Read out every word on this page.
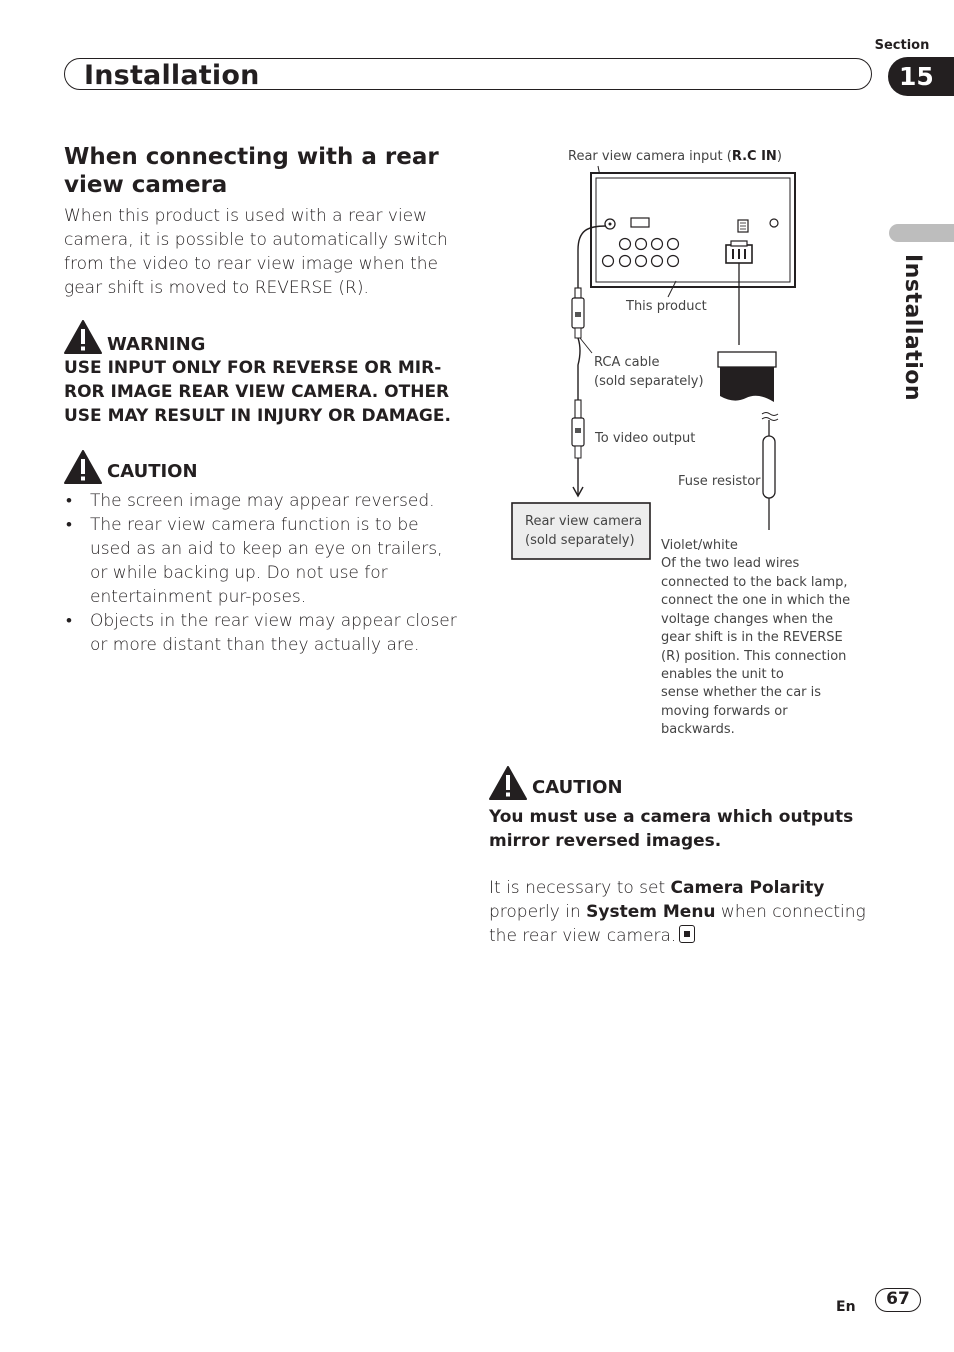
Section
Installation	15
Installation
When connecting with a rear view camera
When this product is used with a rear view camera, it is possible to automatically switch from the video to rear view image when the gear shift is moved to REVERSE (R).
WARNING
USE INPUT ONLY FOR REVERSE OR MIR-ROR IMAGE REAR VIEW CAMERA. OTHER USE MAY RESULT IN INJURY OR DAMAGE.
CAUTION
• The screen image may appear reversed.
• The rear view camera function is to be used as an aid to keep an eye on trailers, or while backing up. Do not use for entertainment pur-poses.
• Objects in the rear view may appear closer or more distant than they actually are.
Rear view camera input (R.C IN)
This product
RCA cable
(sold separately)
To video output
Rear view camera
(sold separately)
Fuse resistor
Violet/white
Of the two lead wires
connected to the back lamp,
connect the one in which the
voltage changes when the
gear shift is in the REVERSE
(R) position. This connection
enables the unit to
sense whether the car is
moving forwards or
backwards.
CAUTION
You must use a camera which outputs mirror reversed images.
It is necessary to set Camera Polarity properly in System Menu when connecting the rear view camera.
En	67
